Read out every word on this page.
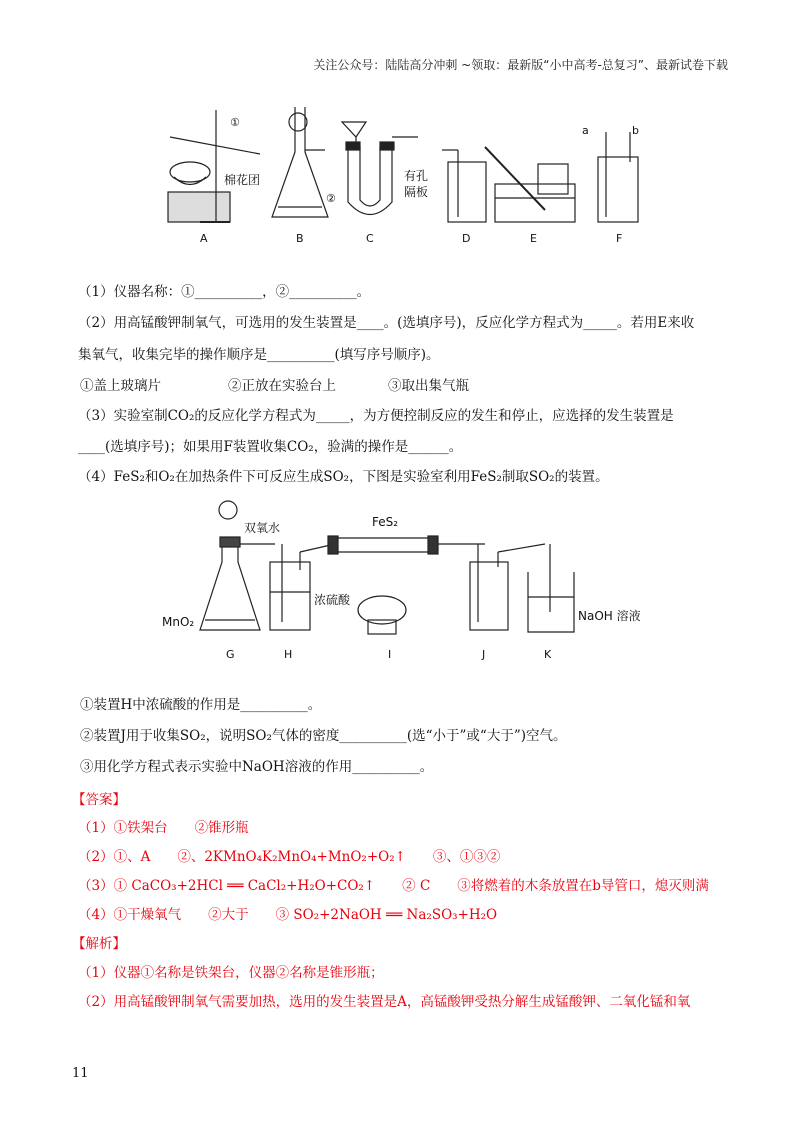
关注公众号：陆陆高分冲刺 ~领取：最新版“小中高考-总复习”、最新试卷下载
A	B	C	D	E	F
①
②
棉花团	有孔
隔板
a	b
（1）仪器名称：①__________，②__________。
（2）用高锰酸钾制氧气，可选用的发生装置是____。(选填序号)，反应化学方程式为_____。若用E来收
集氧气，收集完毕的操作顺序是__________(填写序号顺序)。
①盖上玻璃片	②正放在实验台上	③取出集气瓶
（3）实验室制CO₂的反应化学方程式为_____，为方便控制反应的发生和停止，应选择的发生装置是
____(选填序号)；如果用F装置收集CO₂，验满的操作是______。
（4）FeS₂和O₂在加热条件下可反应生成SO₂，下图是实验室利用FeS₂制取SO₂的装置。
G	H	I	J	K
双氧水	FeS₂
浓硫酸
MnO₂	NaOH 溶液
①装置H中浓硫酸的作用是__________。
②装置J用于收集SO₂，说明SO₂气体的密度__________(选“小于”或“大于”)空气。
③用化学方程式表示实验中NaOH溶液的作用__________。
【答案】
（1）①铁架台　　②锥形瓶
（2）①、A　　②、2KMnO₄K₂MnO₄+MnO₂+O₂↑　　③、①③②
（3）① CaCO₃+2HCl ══ CaCl₂+H₂O+CO₂↑　　② C　　③将燃着的木条放置在b导管口，熄灭则满
（4）①干燥氧气　　②大于　　③ SO₂+2NaOH ══ Na₂SO₃+H₂O
【解析】
（1）仪器①名称是铁架台，仪器②名称是锥形瓶；
（2）用高锰酸钾制氧气需要加热，选用的发生装置是A，高锰酸钾受热分解生成锰酸钾、二氧化锰和氧
11
